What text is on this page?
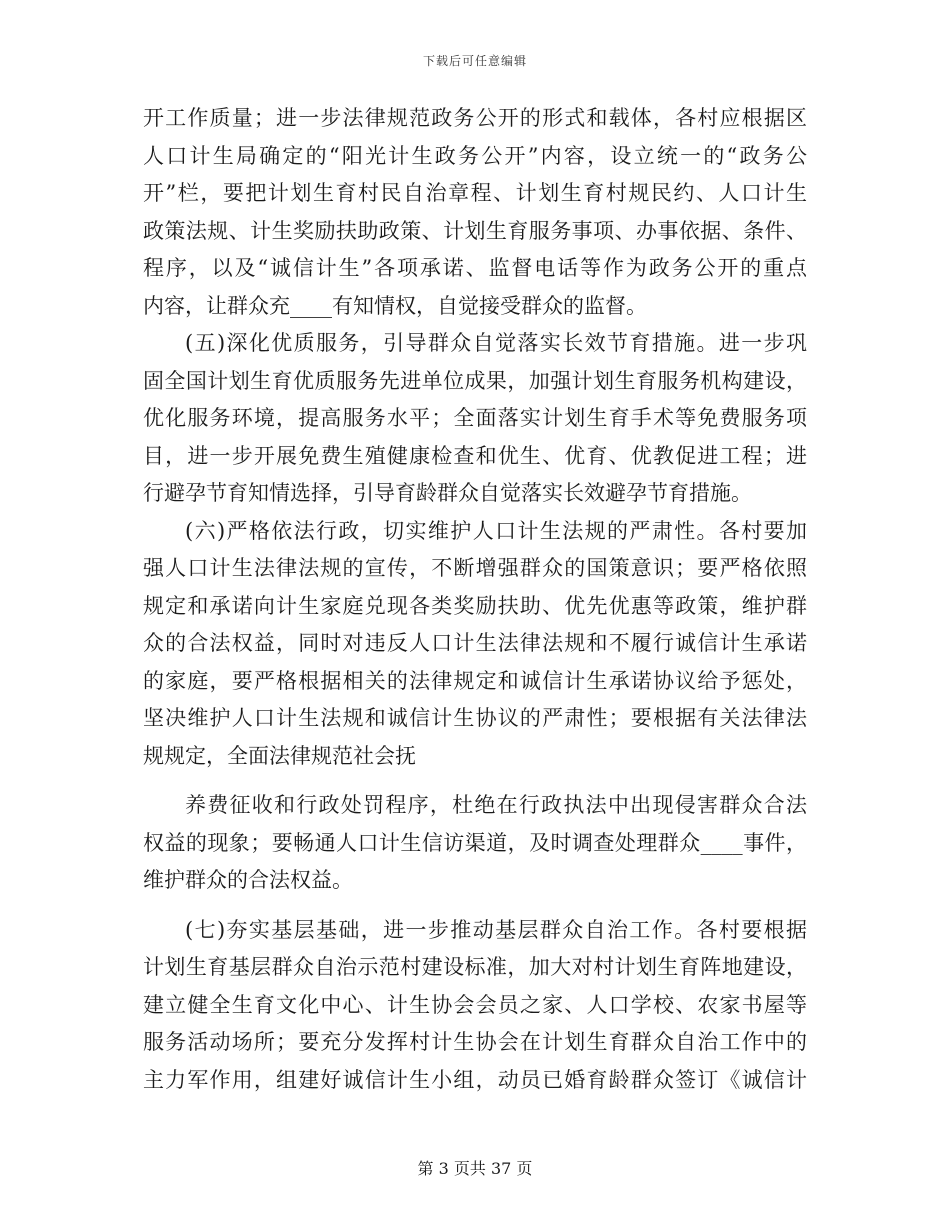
下载后可任意编辑
开工作质量；进一步法律规范政务公开的形式和载体，各村应根据区
人口计生局确定的“阳光计生政务公开”内容，设立统一的“政务公
开”栏，要把计划生育村民自治章程、计划生育村规民约、人口计生
政策法规、计生奖励扶助政策、计划生育服务事项、办事依据、条件、
程序，以及“诚信计生”各项承诺、监督电话等作为政务公开的重点
内容，让群众充____有知情权，自觉接受群众的监督。
(五)深化优质服务，引导群众自觉落实长效节育措施。进一步巩
固全国计划生育优质服务先进单位成果，加强计划生育服务机构建设，
优化服务环境，提高服务水平；全面落实计划生育手术等免费服务项
目，进一步开展免费生殖健康检查和优生、优育、优教促进工程；进
行避孕节育知情选择，引导育龄群众自觉落实长效避孕节育措施。
(六)严格依法行政，切实维护人口计生法规的严肃性。各村要加
强人口计生法律法规的宣传，不断增强群众的国策意识；要严格依照
规定和承诺向计生家庭兑现各类奖励扶助、优先优惠等政策，维护群
众的合法权益，同时对违反人口计生法律法规和不履行诚信计生承诺
的家庭，要严格根据相关的法律规定和诚信计生承诺协议给予惩处，
坚决维护人口计生法规和诚信计生协议的严肃性；要根据有关法律法
规规定，全面法律规范社会抚
养费征收和行政处罚程序，杜绝在行政执法中出现侵害群众合法
权益的现象；要畅通人口计生信访渠道，及时调查处理群众____事件，
维护群众的合法权益。
(七)夯实基层基础，进一步推动基层群众自治工作。各村要根据
计划生育基层群众自治示范村建设标准，加大对村计划生育阵地建设，
建立健全生育文化中心、计生协会会员之家、人口学校、农家书屋等
服务活动场所；要充分发挥村计生协会在计划生育群众自治工作中的
主力军作用，组建好诚信计生小组，动员已婚育龄群众签订《诚信计
第 3 页共 37 页
